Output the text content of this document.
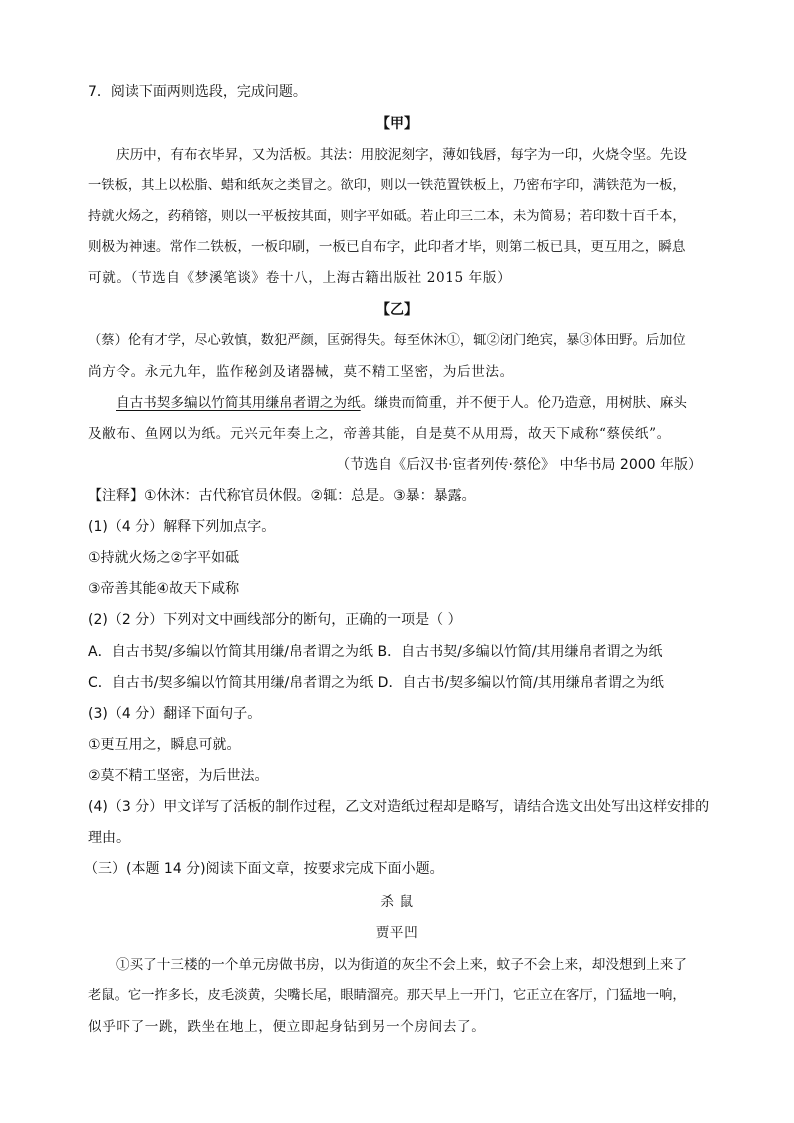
7．阅读下面两则选段，完成问题。
【甲】
庆历中，有布衣毕昇，又为活板。其法：用胶泥刻字，薄如钱唇，每字为一印，火烧令坚。先设
一铁板，其上以松脂、蜡和纸灰之类冒之。欲印，则以一铁范置铁板上，乃密布字印，满铁范为一板，
持就火炀之，药稍镕，则以一平板按其面，则字平如砥。若止印三二本，未为简易；若印数十百千本，
则极为神速。常作二铁板，一板印刷，一板已自布字，此印者才毕，则第二板已具，更互用之，瞬息
可就。（节选自《梦溪笔谈》卷十八，上海古籍出版社 2015 年版）
【乙】
（蔡）伦有才学，尽心敦慎，数犯严颜，匡弼得失。每至休沐①，辄②闭门绝宾，暴③体田野。后加位
尚方令。永元九年，监作秘剑及诸器械，莫不精工坚密，为后世法。
自古书契多编以竹简其用缣帛者谓之为纸。缣贵而简重，并不便于人。伦乃造意，用树肤、麻头
及敝布、鱼网以为纸。元兴元年奏上之，帝善其能，自是莫不从用焉，故天下咸称“蔡侯纸”。
（节选自《后汉书·宦者列传·蔡伦》 中华书局 2000 年版）
【注释】①休沐：古代称官员休假。②辄：总是。③暴：暴露。
(1)（4 分）解释下列加点字。
①持就火炀之②字平如砥
③帝善其能④故天下咸称
(2)（2 分）下列对文中画线部分的断句，正确的一项是（ ）
A．自古书契/多编以竹简其用缣/帛者谓之为纸 B．自古书契/多编以竹简/其用缣帛者谓之为纸
C．自古书/契多编以竹简其用缣/帛者谓之为纸 D．自古书/契多编以竹简/其用缣帛者谓之为纸
(3)（4 分）翻译下面句子。
①更互用之，瞬息可就。
②莫不精工坚密，为后世法。
(4)（3 分）甲文详写了活板的制作过程，乙文对造纸过程却是略写，请结合选文出处写出这样安排的
理由。
（三）(本题 14 分)阅读下面文章，按要求完成下面小题。
杀 鼠
贾平凹
①买了十三楼的一个单元房做书房，以为街道的灰尘不会上来，蚊子不会上来，却没想到上来了
老鼠。它一拃多长，皮毛淡黄，尖嘴长尾，眼睛溜亮。那天早上一开门，它正立在客厅，门猛地一响，
似乎吓了一跳，跌坐在地上，便立即起身钻到另一个房间去了。
